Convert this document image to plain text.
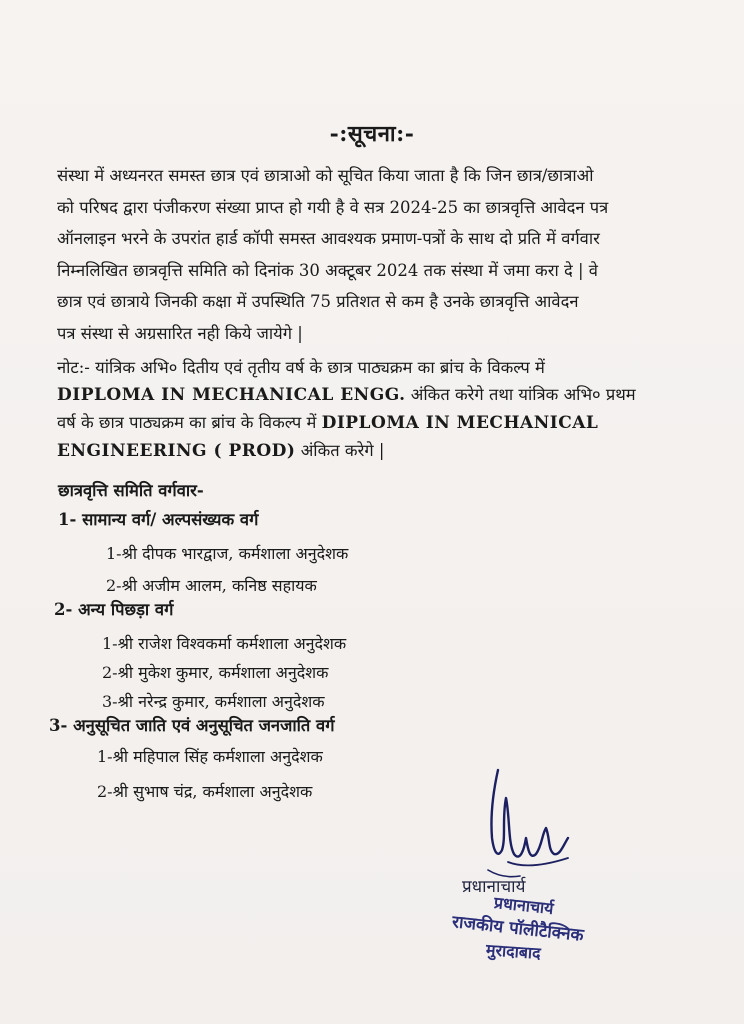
-:सूचना:-

संस्था में अध्यनरत समस्त छात्र एवं छात्राओ को सूचित किया जाता है कि जिन छात्र/छात्राओ

को परिषद द्वारा पंजीकरण संख्या प्राप्त हो गयी है वे सत्र 2024-25 का छात्रवृत्ति आवेदन पत्र

ऑनलाइन भरने के उपरांत हार्ड कॉपी समस्त आवश्यक प्रमाण-पत्रों के साथ दो प्रति में वर्गवार

निम्नलिखित छात्रवृत्ति समिति को दिनांक 30 अक्टूबर 2024 तक संस्था में जमा करा दे | वे

छात्र एवं छात्राये जिनकी कक्षा में उपस्थिति 75 प्रतिशत से कम है उनके छात्रवृत्ति आवेदन

पत्र संस्था से अग्रसारित नही किये जायेगे |

नोट:- यांत्रिक अभि० दितीय एवं तृतीय वर्ष के छात्र पाठ्यक्रम का ब्रांच के विकल्प में

DIPLOMA IN MECHANICAL ENGG. अंकित करेगे तथा यांत्रिक अभि० प्रथम

वर्ष के छात्र पाठ्यक्रम का ब्रांच के विकल्प में DIPLOMA IN MECHANICAL

ENGINEERING ( PROD) अंकित करेगे |

छात्रवृत्ति समिति वर्गवार-
1- सामान्य वर्ग/ अल्पसंख्यक वर्ग
1-श्री दीपक भारद्वाज, कर्मशाला अनुदेशक
2-श्री अजीम आलम, कनिष्ठ सहायक
2- अन्य पिछड़ा वर्ग
1-श्री राजेश विश्वकर्मा कर्मशाला अनुदेशक
2-श्री मुकेश कुमार, कर्मशाला अनुदेशक
3-श्री नरेन्द्र कुमार, कर्मशाला अनुदेशक
3- अनुसूचित जाति एवं अनुसूचित जनजाति वर्ग
1-श्री महिपाल सिंह कर्मशाला अनुदेशक
2-श्री सुभाष चंद्र, कर्मशाला अनुदेशक
प्रधानाचार्य
प्रधानाचार्य
राजकीय पॉलीटैक्निक
मुरादाबाद
